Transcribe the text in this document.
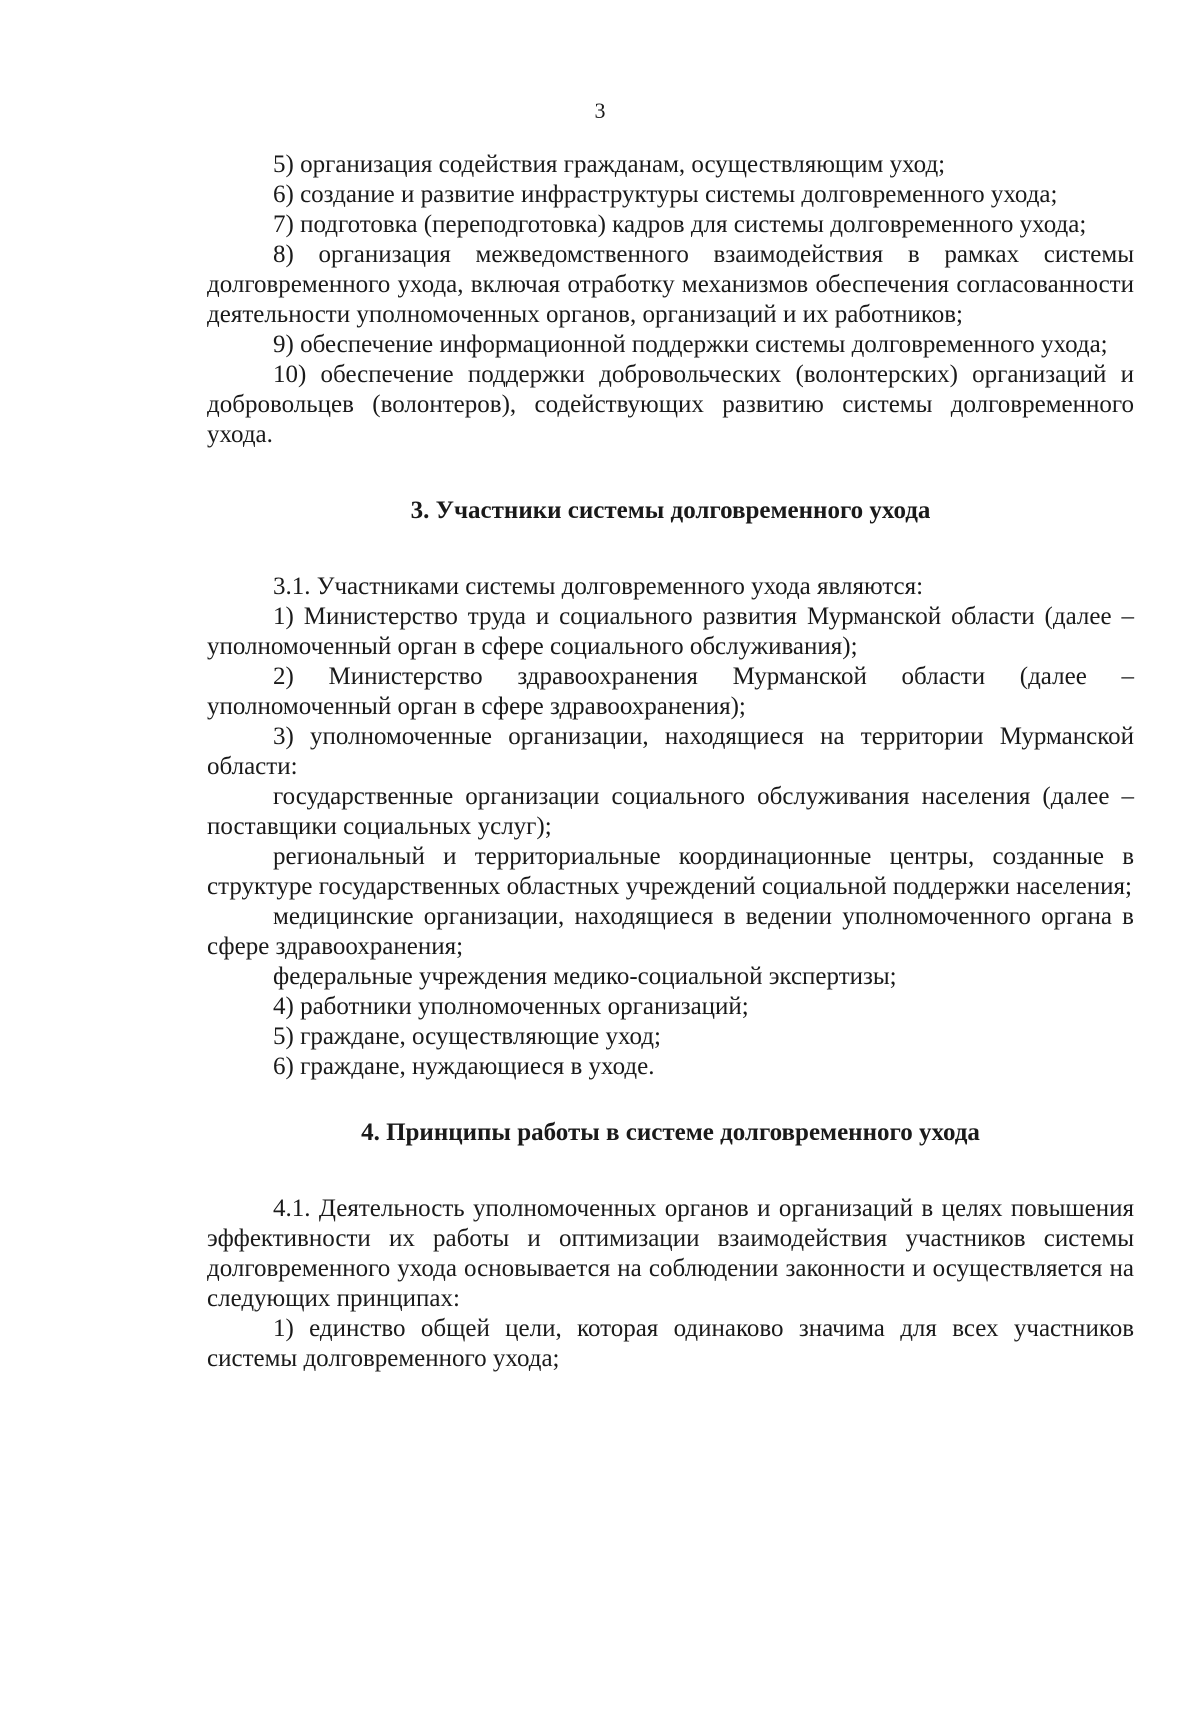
3

5) организация содействия гражданам, осуществляющим уход;

6) создание и развитие инфраструктуры системы долговременного ухода;

7) подготовка (переподготовка) кадров для системы долговременного ухода;

8) организация межведомственного взаимодействия в рамках системы долговременного ухода, включая отработку механизмов обеспечения согласованности деятельности уполномоченных органов, организаций и их работников;

9) обеспечение информационной поддержки системы долговременного ухода;

10) обеспечение поддержки добровольческих (волонтерских) организаций и добровольцев (волонтеров), содействующих развитию системы долговременного ухода.

3. Участники системы долговременного ухода

3.1. Участниками системы долговременного ухода являются:

1) Министерство труда и социального развития Мурманской области (далее – уполномоченный орган в сфере социального обслуживания);

2) Министерство здравоохранения Мурманской области (далее – уполномоченный орган в сфере здравоохранения);

3) уполномоченные организации, находящиеся на территории Мурманской области:

государственные организации социального обслуживания населения (далее – поставщики социальных услуг);

региональный и территориальные координационные центры, созданные в структуре государственных областных учреждений социальной поддержки населения;

медицинские организации, находящиеся в ведении уполномоченного органа в сфере здравоохранения;

федеральные учреждения медико-социальной экспертизы;

4) работники уполномоченных организаций;

5) граждане, осуществляющие уход;

6) граждане, нуждающиеся в уходе.

4. Принципы работы в системе долговременного ухода

4.1. Деятельность уполномоченных органов и организаций в целях повышения эффективности их работы и оптимизации взаимодействия участников системы долговременного ухода основывается на соблюдении законности и осуществляется на следующих принципах:

1) единство общей цели, которая одинаково значима для всех участников системы долговременного ухода;
